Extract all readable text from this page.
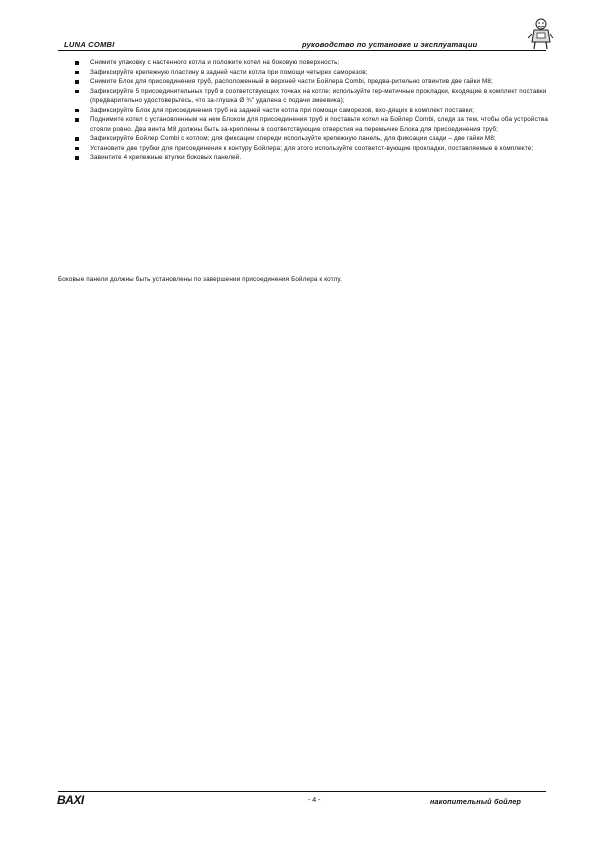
LUNA COMBI	руководство по установке и эксплуатации
Снимите упаковку с настенного котла и положите котел на боковую поверхность;
Зафиксируйте крепежную пластину в задней части котла при помощи четырех саморезов;
Снимите Блок для присоединения труб, расположенный в верхней части Бойлера Combi, предва-рительно отвинтив две гайки M8;
Зафиксируйте 5 присоединительных труб в соответствующих точках на котле; используйте гер-метичные прокладки, входящие в комплект поставки (предварительно удостоверьтесь, что за-глушка Ø ¾" удалена с подачи змеевика);
Зафиксируйте Блок для присоединения труб на задней части котла при помощи саморезов, вхо-дящих в комплект поставки;
Поднимите котел с установленным на нем Блоком для присоединения труб и поставьте котел на Бойлер Combi, следя за тем, чтобы оба устройства стояли ровно. Два винта M8 должны быть за-креплены в соответствующие отверстия на перемычке Блока для присоединения труб;
Зафиксируйте Бойлер Combi с котлом; для фиксации спереди используйте крепежную панель, для фиксации сзади – две гайки M8;
Установите две трубки для присоединения к контуру Бойлера; для этого используйте соответст-вующие прокладки, поставляемые в комплекте;
Завинтите 4 крепежные втулки боковых панелей.
Боковые панели должны быть установлены по завершении присоединения Бойлера к котлу.
BAXI	- 4 -	накопительный бойлер
